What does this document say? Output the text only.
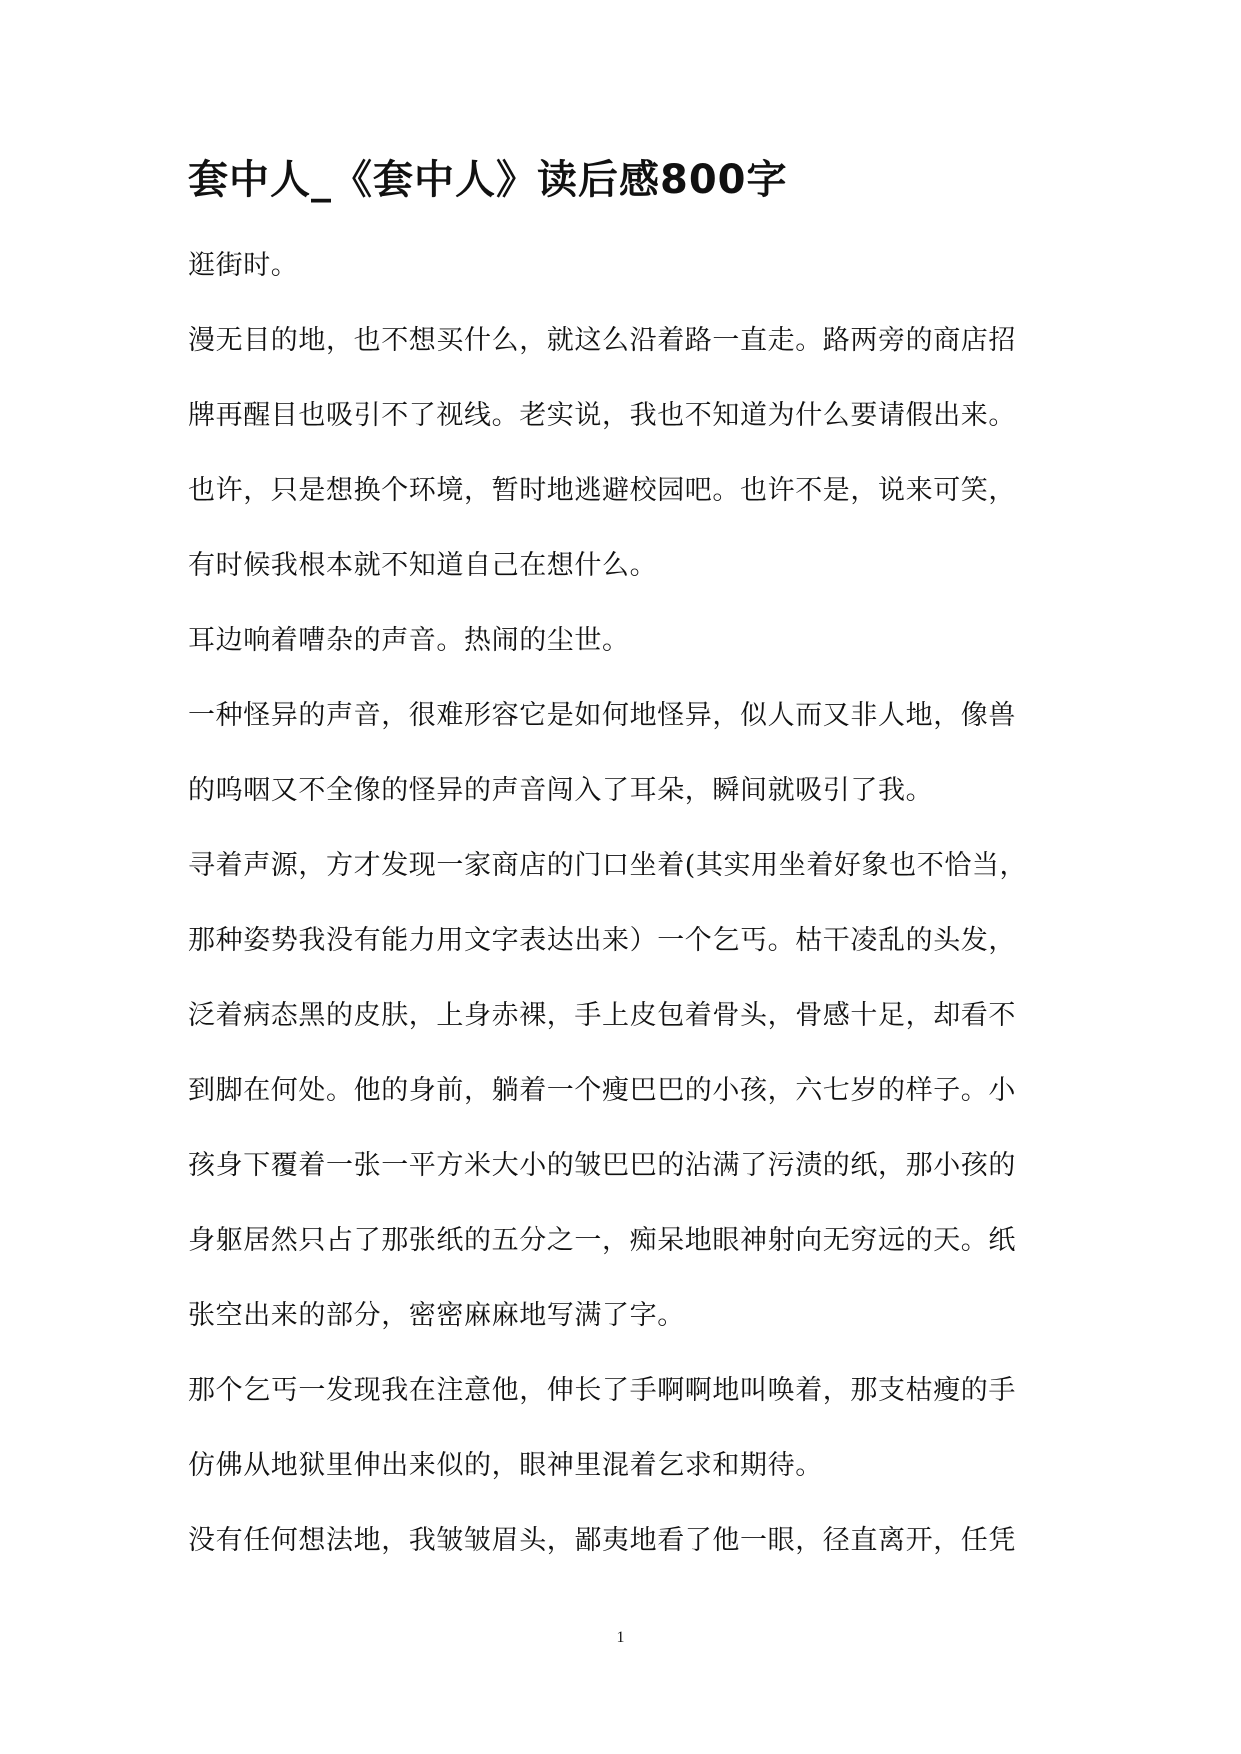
套中人_《套中人》读后感800字

逛街时。

漫无目的地，也不想买什么，就这么沿着路一直走。路两旁的商店招
牌再醒目也吸引不了视线。老实说，我也不知道为什么要请假出来。
也许，只是想换个环境，暂时地逃避校园吧。也许不是，说来可笑，
有时候我根本就不知道自己在想什么。

耳边响着嘈杂的声音。热闹的尘世。

一种怪异的声音，很难形容它是如何地怪异，似人而又非人地，像兽
的呜咽又不全像的怪异的声音闯入了耳朵，瞬间就吸引了我。

寻着声源，方才发现一家商店的门口坐着(其实用坐着好象也不恰当，
那种姿势我没有能力用文字表达出来）一个乞丐。枯干凌乱的头发，
泛着病态黑的皮肤，上身赤裸，手上皮包着骨头，骨感十足，却看不
到脚在何处。他的身前，躺着一个瘦巴巴的小孩，六七岁的样子。小
孩身下覆着一张一平方米大小的皱巴巴的沾满了污渍的纸，那小孩的
身躯居然只占了那张纸的五分之一，痴呆地眼神射向无穷远的天。纸
张空出来的部分，密密麻麻地写满了字。

那个乞丐一发现我在注意他，伸长了手啊啊地叫唤着，那支枯瘦的手
仿佛从地狱里伸出来似的，眼神里混着乞求和期待。

没有任何想法地，我皱皱眉头，鄙夷地看了他一眼，径直离开，任凭

1
